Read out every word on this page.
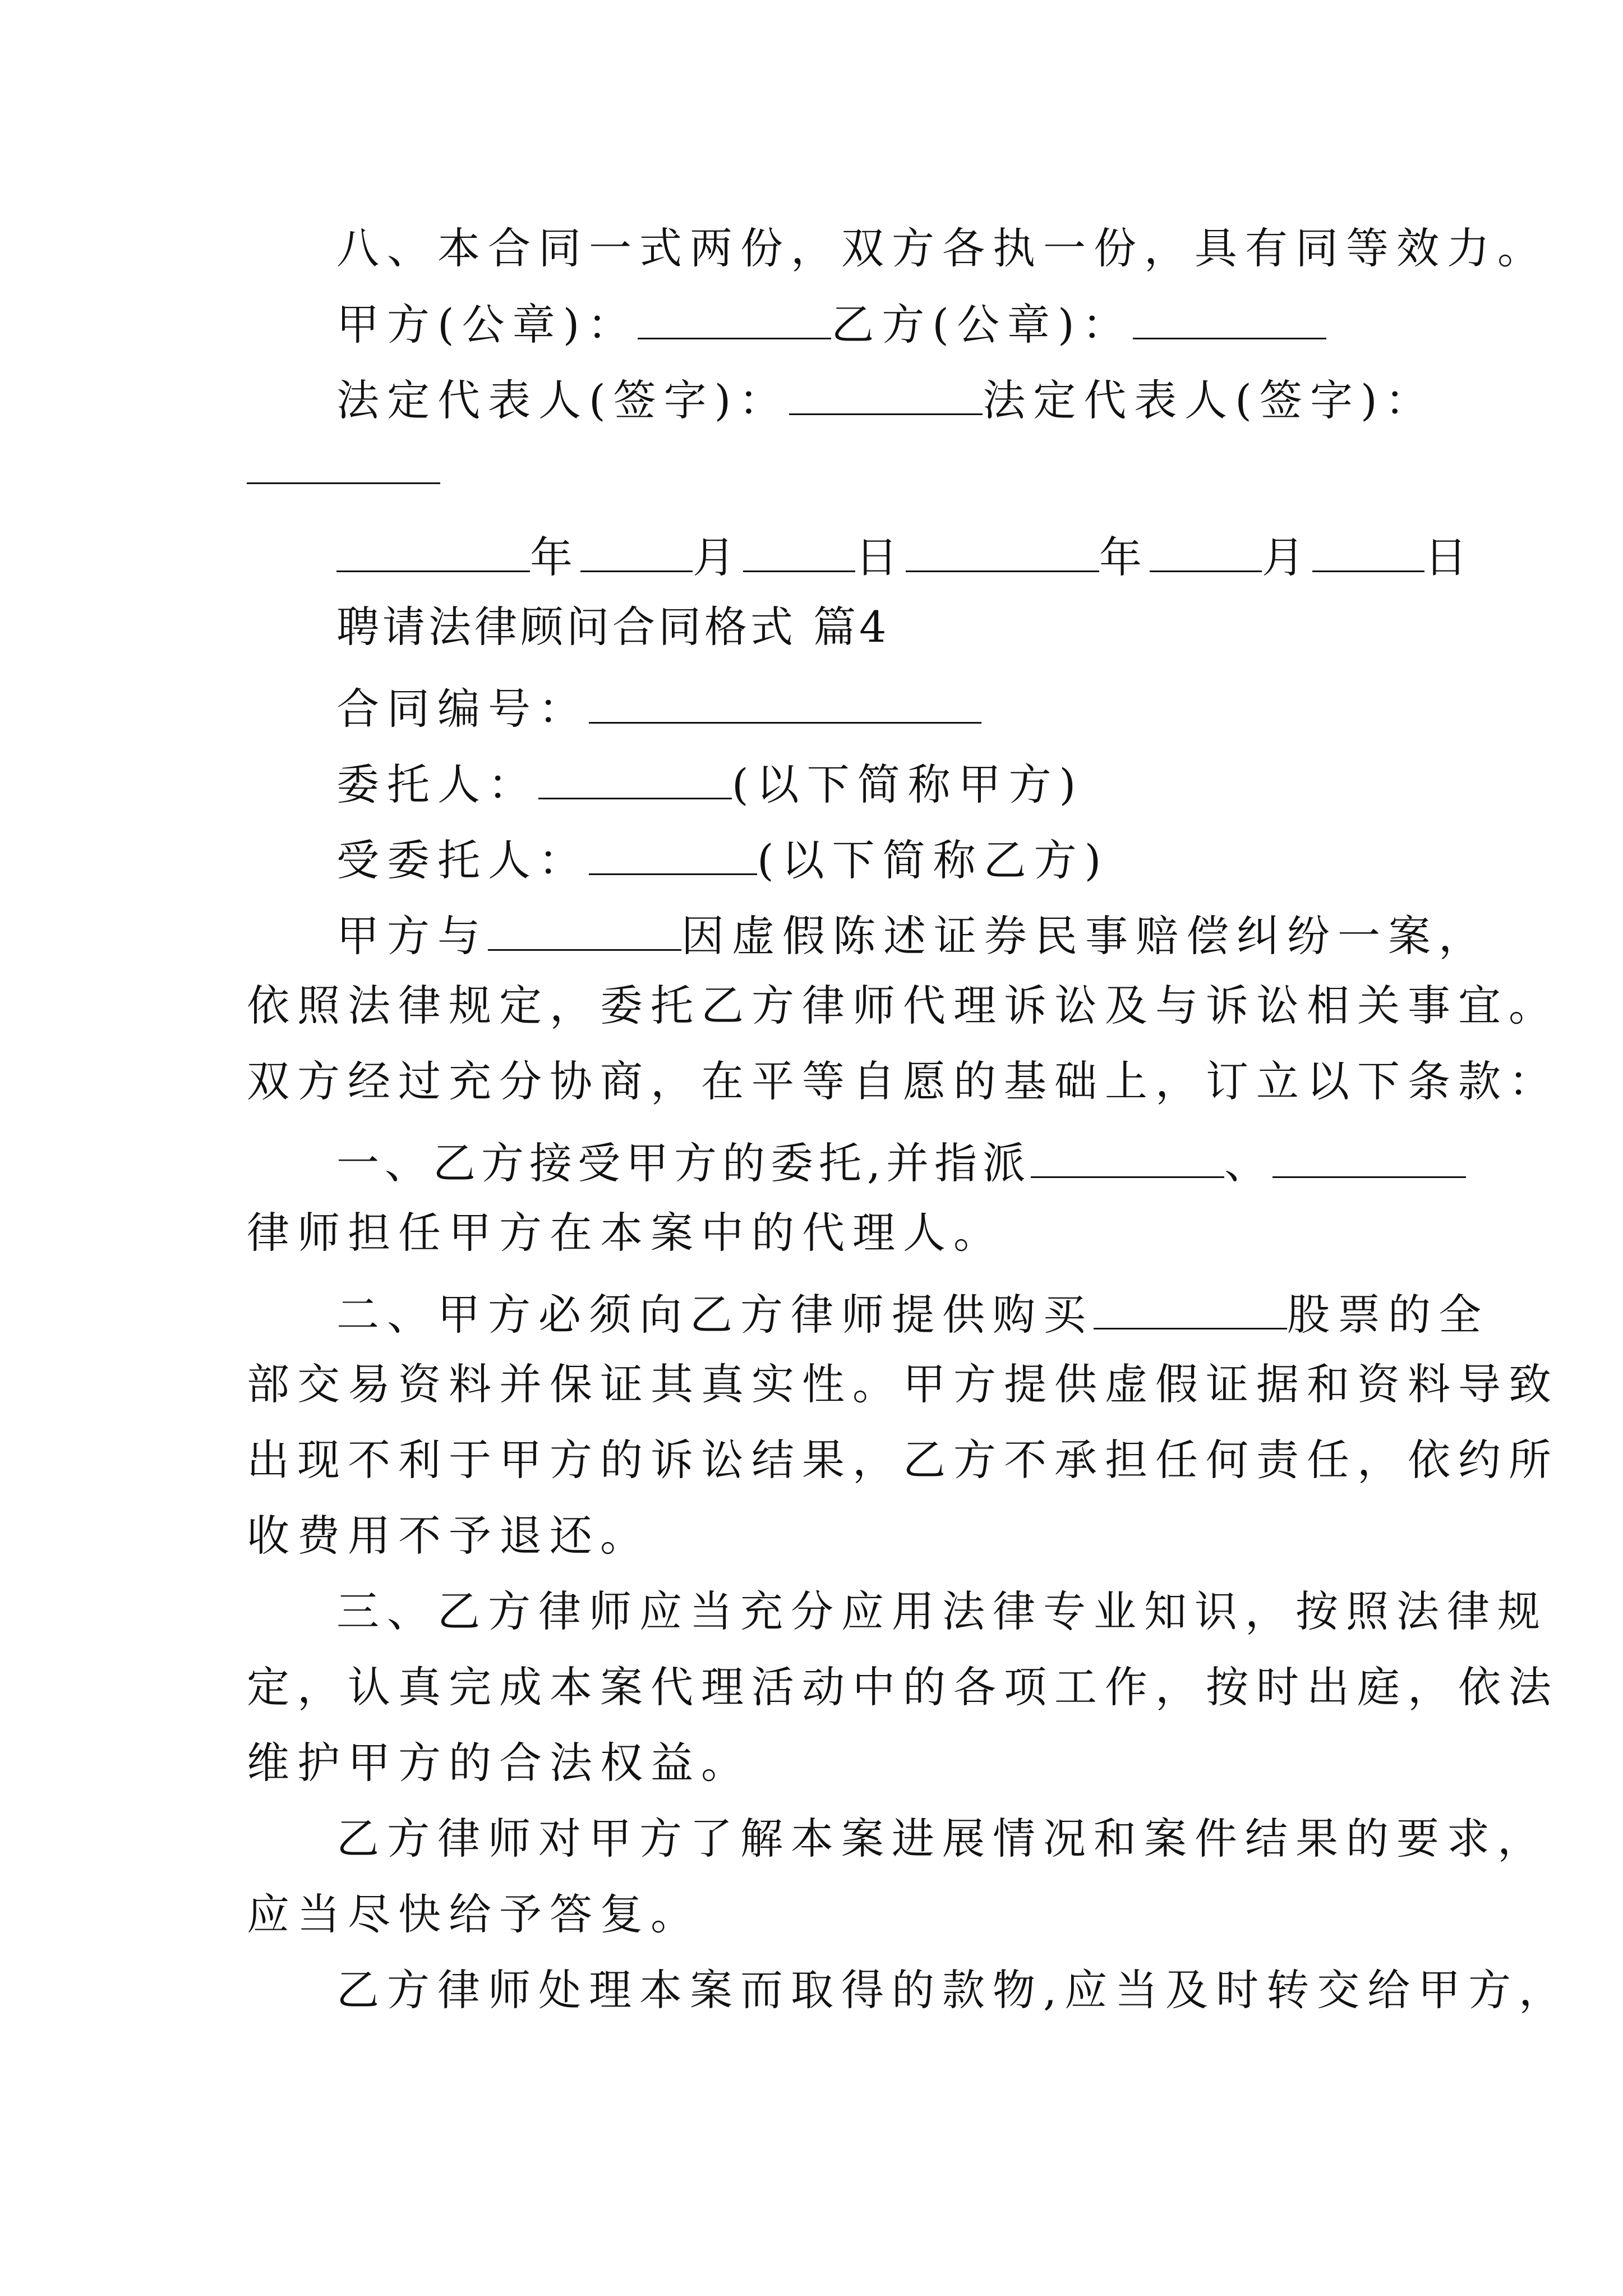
八、本合同一式两份，双方各执一份，具有同等效力。

甲方(公章)：	乙方(公章)：

法定代表人(签字)：	法定代表人(签字)：

年	月	日	年	月	日

聘请法律顾问合同格式 篇4

合同编号：

委托人：	(以下简称甲方)

受委托人：	(以下简称乙方)

甲方与	因虚假陈述证券民事赔偿纠纷一案，

依照法律规定，委托乙方律师代理诉讼及与诉讼相关事宜。

双方经过充分协商，在平等自愿的基础上，订立以下条款：

一、乙方接受甲方的委托,并指派	、

律师担任甲方在本案中的代理人。

二、甲方必须向乙方律师提供购买	股票的全

部交易资料并保证其真实性。甲方提供虚假证据和资料导致

出现不利于甲方的诉讼结果，乙方不承担任何责任，依约所

收费用不予退还。

三、乙方律师应当充分应用法律专业知识，按照法律规

定，认真完成本案代理活动中的各项工作，按时出庭，依法

维护甲方的合法权益。

乙方律师对甲方了解本案进展情况和案件结果的要求，

应当尽快给予答复。

乙方律师处理本案而取得的款物,应当及时转交给甲方，
